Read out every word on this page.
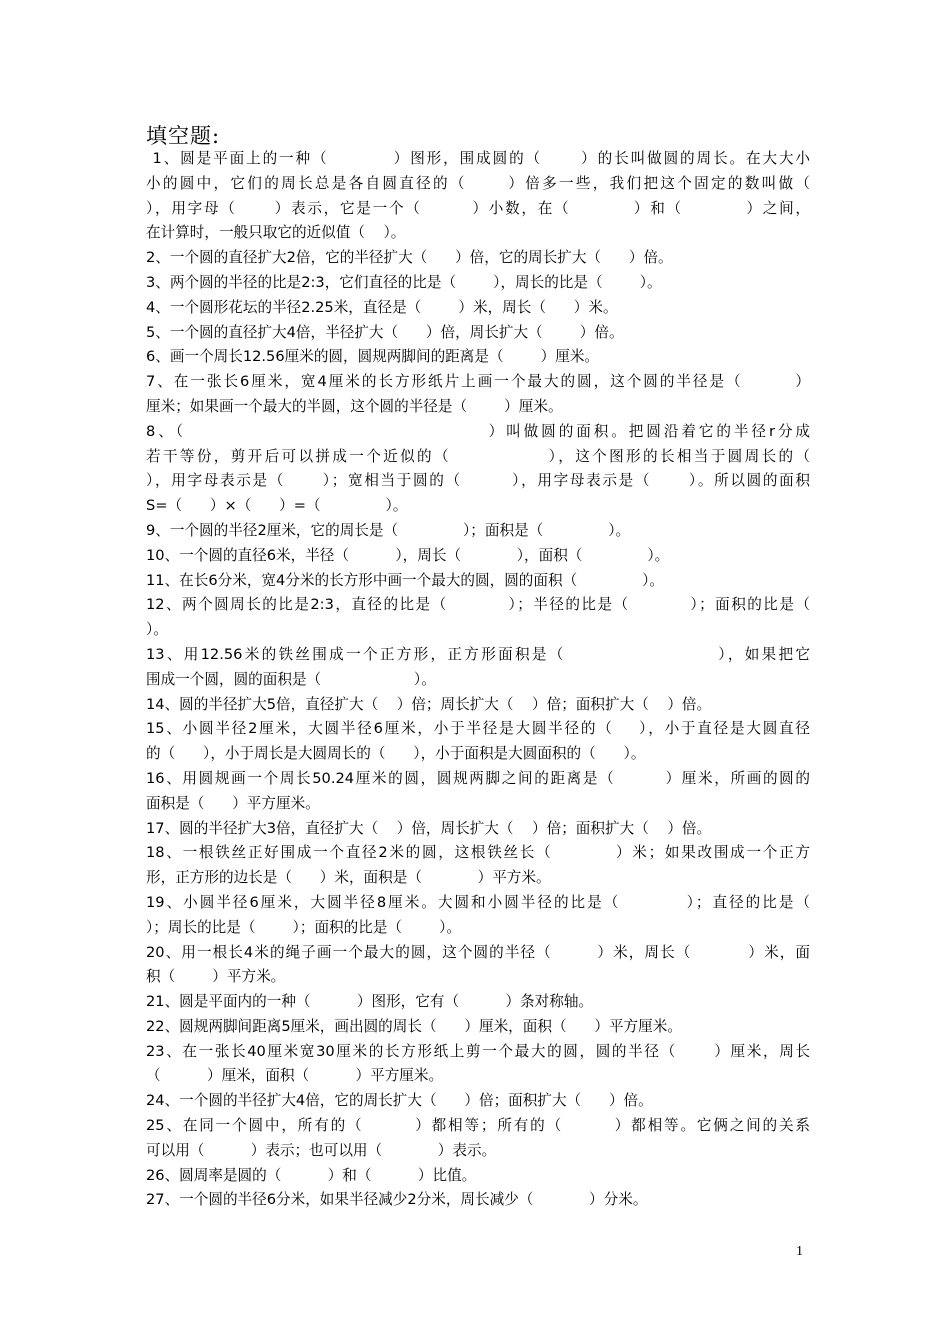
填空题:
1、圆是平面上的一种（          ）图形，围成圆的（      ）的长叫做圆的周长。在大大小
小的圆中，它们的周长总是各自圆直径的（      ）倍多一些，我们把这个固定的数叫做（
），用字母（      ）表示，它是一个（        ）小数，在（          ）和（          ）之间，
在计算时，一般只取它的近似值（    ）。
2、一个圆的直径扩大2倍，它的半径扩大（      ）倍，它的周长扩大（      ）倍。
3、两个圆的半径的比是2:3，它们直径的比是（        ），周长的比是（        ）。
4、一个圆形花坛的半径2.25米，直径是（        ）米，周长（      ）米。
5、一个圆的直径扩大4倍，半径扩大（      ）倍，周长扩大（        ）倍。
6、画一个周长12.56厘米的圆，圆规两脚间的距离是（        ）厘米。
7、在一张长6厘米，宽4厘米的长方形纸片上画一个最大的圆，这个圆的半径是（        ）
厘米；如果画一个最大的半圆，这个圆的半径是（        ）厘米。
8、（                                        ）叫做圆的面积。把圆沿着它的半径r分成
若干等份，剪开后可以拼成一个近似的（              ），这个图形的长相当于圆周长的（
），用字母表示是（      ）；宽相当于圆的（        ），用字母表示是（      ）。所以圆的面积
S=（      ）×（      ）=（              ）。
9、一个圆的半径2厘米，它的周长是（              ）；面积是（              ）。
10、一个圆的直径6米，半径（          ），周长（            ），面积（              ）。
11、在长6分米，宽4分米的长方形中画一个最大的圆，圆的面积（              ）。
12、两个圆周长的比是2:3，直径的比是（          ）；半径的比是（          ）；面积的比是（
）。
13、用12.56米的铁丝围成一个正方形，正方形面积是（                      ），如果把它
围成一个圆，圆的面积是（                    ）。
14、圆的半径扩大5倍，直径扩大（    ）倍；周长扩大（    ）倍；面积扩大（    ）倍。
15、小圆半径2厘米，大圆半径6厘米，小于半径是大圆半径的（    ），小于直径是大圆直径
的（      ），小于周长是大圆周长的（      ），小于面积是大圆面积的（      ）。
16、用圆规画一个周长50.24厘米的圆，圆规两脚之间的距离是（        ）厘米，所画的圆的
面积是（      ）平方厘米。
17、圆的半径扩大3倍，直径扩大（    ）倍，周长扩大（    ）倍；面积扩大（    ）倍。
18、一根铁丝正好围成一个直径2米的圆，这根铁丝长（          ）米；如果改围成一个正方
形，正方形的边长是（      ）米，面积是（            ）平方米。
19、小圆半径6厘米，大圆半径8厘米。大圆和小圆半径的比是（          ）；直径的比是（
）；周长的比是（        ）；面积的比是（        ）。
20、用一根长4米的绳子画一个最大的圆，这个圆的半径（        ）米，周长（          ）米，面
积（        ）平方米。
21、圆是平面内的一种（          ）图形，它有（          ）条对称轴。
22、圆规两脚间距离5厘米，画出圆的周长（      ）厘米，面积（      ）平方厘米。
23、在一张长40厘米宽30厘米的长方形纸上剪一个最大的圆，圆的半径（      ）厘米，周长
（          ）厘米，面积（          ）平方厘米。
24、一个圆的半径扩大4倍，它的周长扩大（      ）倍；面积扩大（      ）倍。
25、在同一个圆中，所有的（        ）都相等；所有的（        ）都相等。它俩之间的关系
可以用（          ）表示；也可以用（            ）表示。
26、圆周率是圆的（          ）和（          ）比值。
27、一个圆的半径6分米，如果半径减少2分米，周长减少（            ）分米。
1
